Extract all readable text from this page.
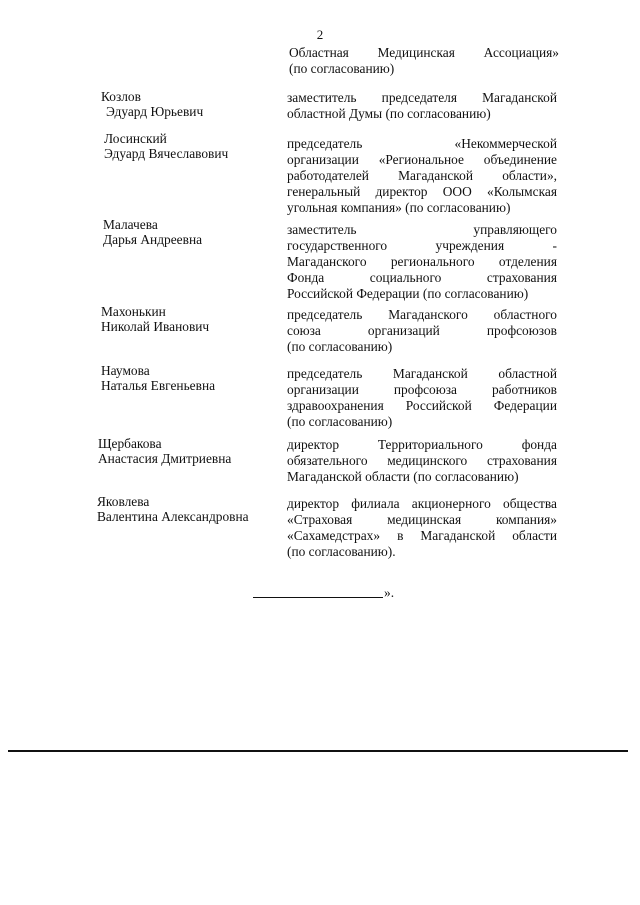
2
Областная Медицинская Ассоциация»
(по согласованию)
Козлов
Эдуард Юрьевич
заместитель председателя Магаданской
областной Думы (по согласованию)
Лосинский
Эдуард Вячеславович
председатель «Некоммерческой
организации «Региональное объединение
работодателей Магаданской области»,
генеральный директор ООО «Колымская
угольная компания» (по согласованию)
Малачева
Дарья Андреевна
заместитель управляющего
государственного учреждения -
Магаданского регионального отделения
Фонда социального страхования
Российской Федерации (по согласованию)
Махонькин
Николай Иванович
председатель Магаданского областного
союза организаций профсоюзов
(по согласованию)
Наумова
Наталья Евгеньевна
председатель Магаданской областной
организации профсоюза работников
здравоохранения Российской Федерации
(по согласованию)
Щербакова
Анастасия Дмитриевна
директор Территориального фонда
обязательного медицинского страхования
Магаданской области (по согласованию)
Яковлева
Валентина Александровна
директор филиала акционерного общества
«Страховая медицинская компания»
«Сахамедстрах» в Магаданской области
(по согласованию).
».
